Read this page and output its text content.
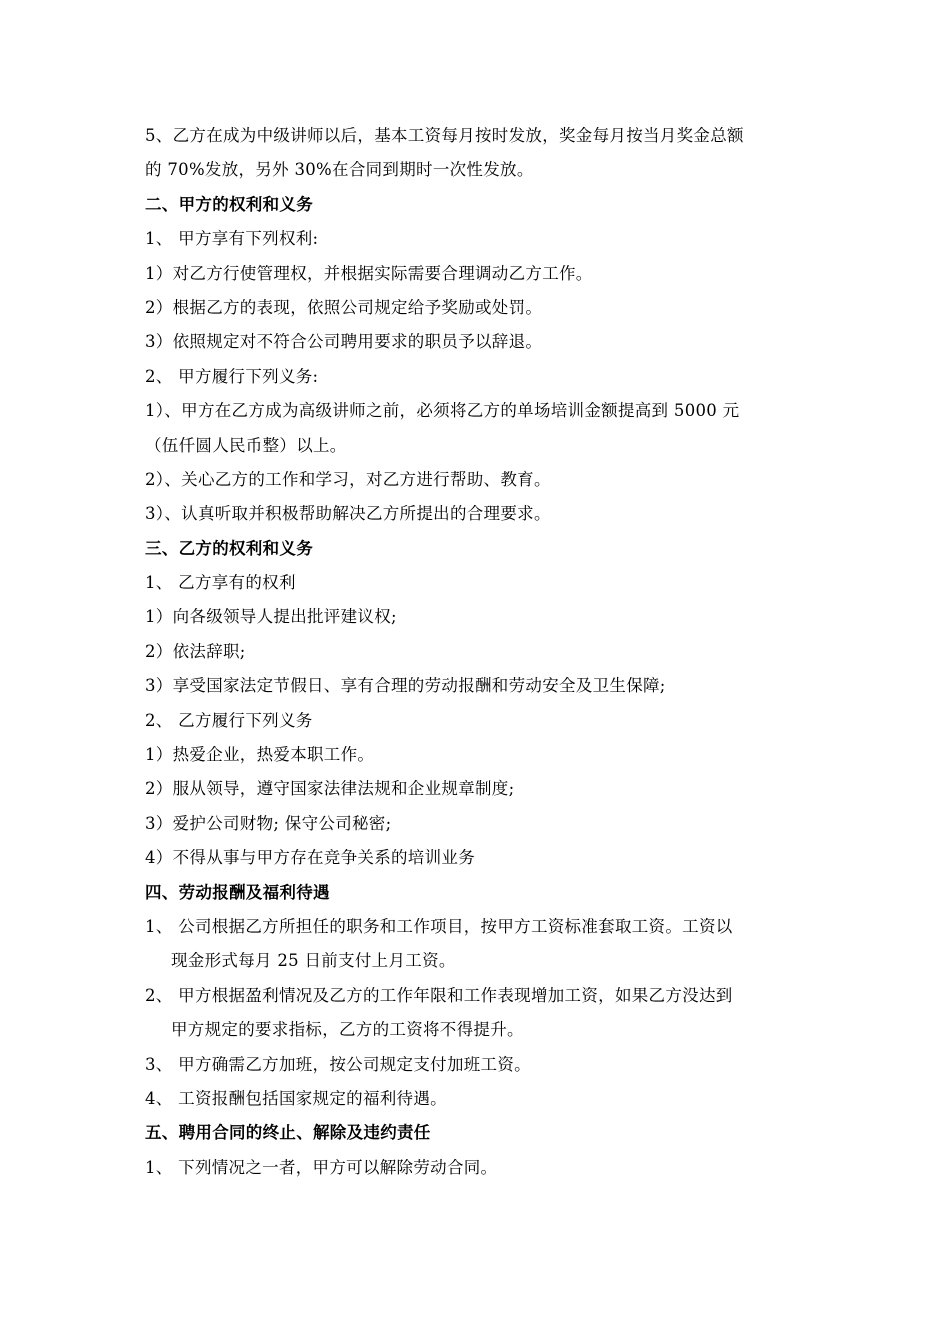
5、乙方在成为中级讲师以后，基本工资每月按时发放，奖金每月按当月奖金总额
的 70%发放，另外 30%在合同到期时一次性发放。
二、甲方的权利和义务
1、 甲方享有下列权利:
1）对乙方行使管理权，并根据实际需要合理调动乙方工作。
2）根据乙方的表现，依照公司规定给予奖励或处罚。
3）依照规定对不符合公司聘用要求的职员予以辞退。
2、 甲方履行下列义务:
1）、甲方在乙方成为高级讲师之前，必须将乙方的单场培训金额提高到 5000 元
（伍仟圆人民币整）以上。
2）、关心乙方的工作和学习，对乙方进行帮助、教育。
3）、认真听取并积极帮助解决乙方所提出的合理要求。
三、乙方的权利和义务
1、 乙方享有的权利
1）向各级领导人提出批评建议权;
2）依法辞职;
3）享受国家法定节假日、享有合理的劳动报酬和劳动安全及卫生保障;
2、 乙方履行下列义务
1）热爱企业，热爱本职工作。
2）服从领导，遵守国家法律法规和企业规章制度;
3）爱护公司财物; 保守公司秘密;
4）不得从事与甲方存在竞争关系的培训业务
四、劳动报酬及福利待遇
1、 公司根据乙方所担任的职务和工作项目，按甲方工资标准套取工资。工资以
现金形式每月 25 日前支付上月工资。
2、 甲方根据盈利情况及乙方的工作年限和工作表现增加工资，如果乙方没达到
甲方规定的要求指标，乙方的工资将不得提升。
3、 甲方确需乙方加班，按公司规定支付加班工资。
4、 工资报酬包括国家规定的福利待遇。
五、聘用合同的终止、解除及违约责任
1、 下列情况之一者，甲方可以解除劳动合同。
